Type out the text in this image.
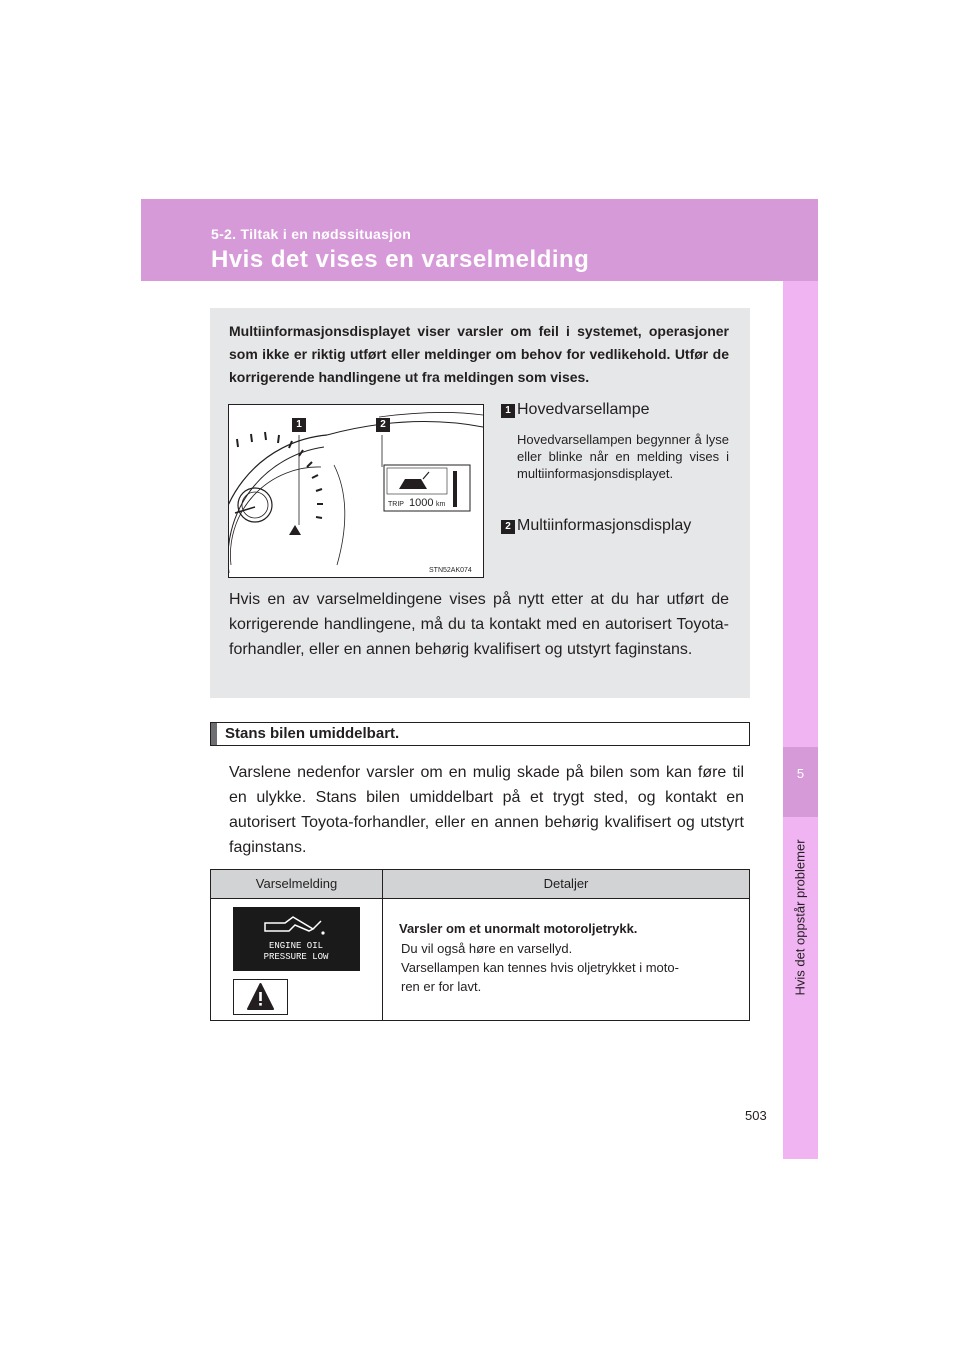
5-2. Tiltak i en nødssituasjon
Hvis det vises en varselmelding
5
Hvis det oppstår problemer
Multiinformasjonsdisplayet viser varsler om feil i systemet, operasjoner som ikke er riktig utført eller meldinger om behov for vedlikehold. Utfør de korrigerende handlingene ut fra meldingen som vises.
TRIP 1000 km
STN52AK074
1	2
1 Hovedvarsellampe
Hovedvarsellampen begynner å lyse eller blinke når en melding vises i multiinformasjonsdisplayet.
2 Multiinformasjonsdisplay
Hvis en av varselmeldingene vises på nytt etter at du har utført de korrigerende handlingene, må du ta kontakt med en autorisert Toyota-forhandler, eller en annen behørig kvalifisert og utstyrt faginstans.
Stans bilen umiddelbart.
Varslene nedenfor varsler om en mulig skade på bilen som kan føre til en ulykke. Stans bilen umiddelbart på et trygt sted, og kontakt en autorisert Toyota-forhandler, eller en annen behørig kvalifisert og utstyrt faginstans.
Varselmelding	Detaljer
ENGINE OIL
PRESSURE LOW
Varsler om et unormalt motoroljetrykk.
Du vil også høre en varsellyd.
Varsellampen kan tennes hvis oljetrykket i moto-
ren er for lavt.
503
